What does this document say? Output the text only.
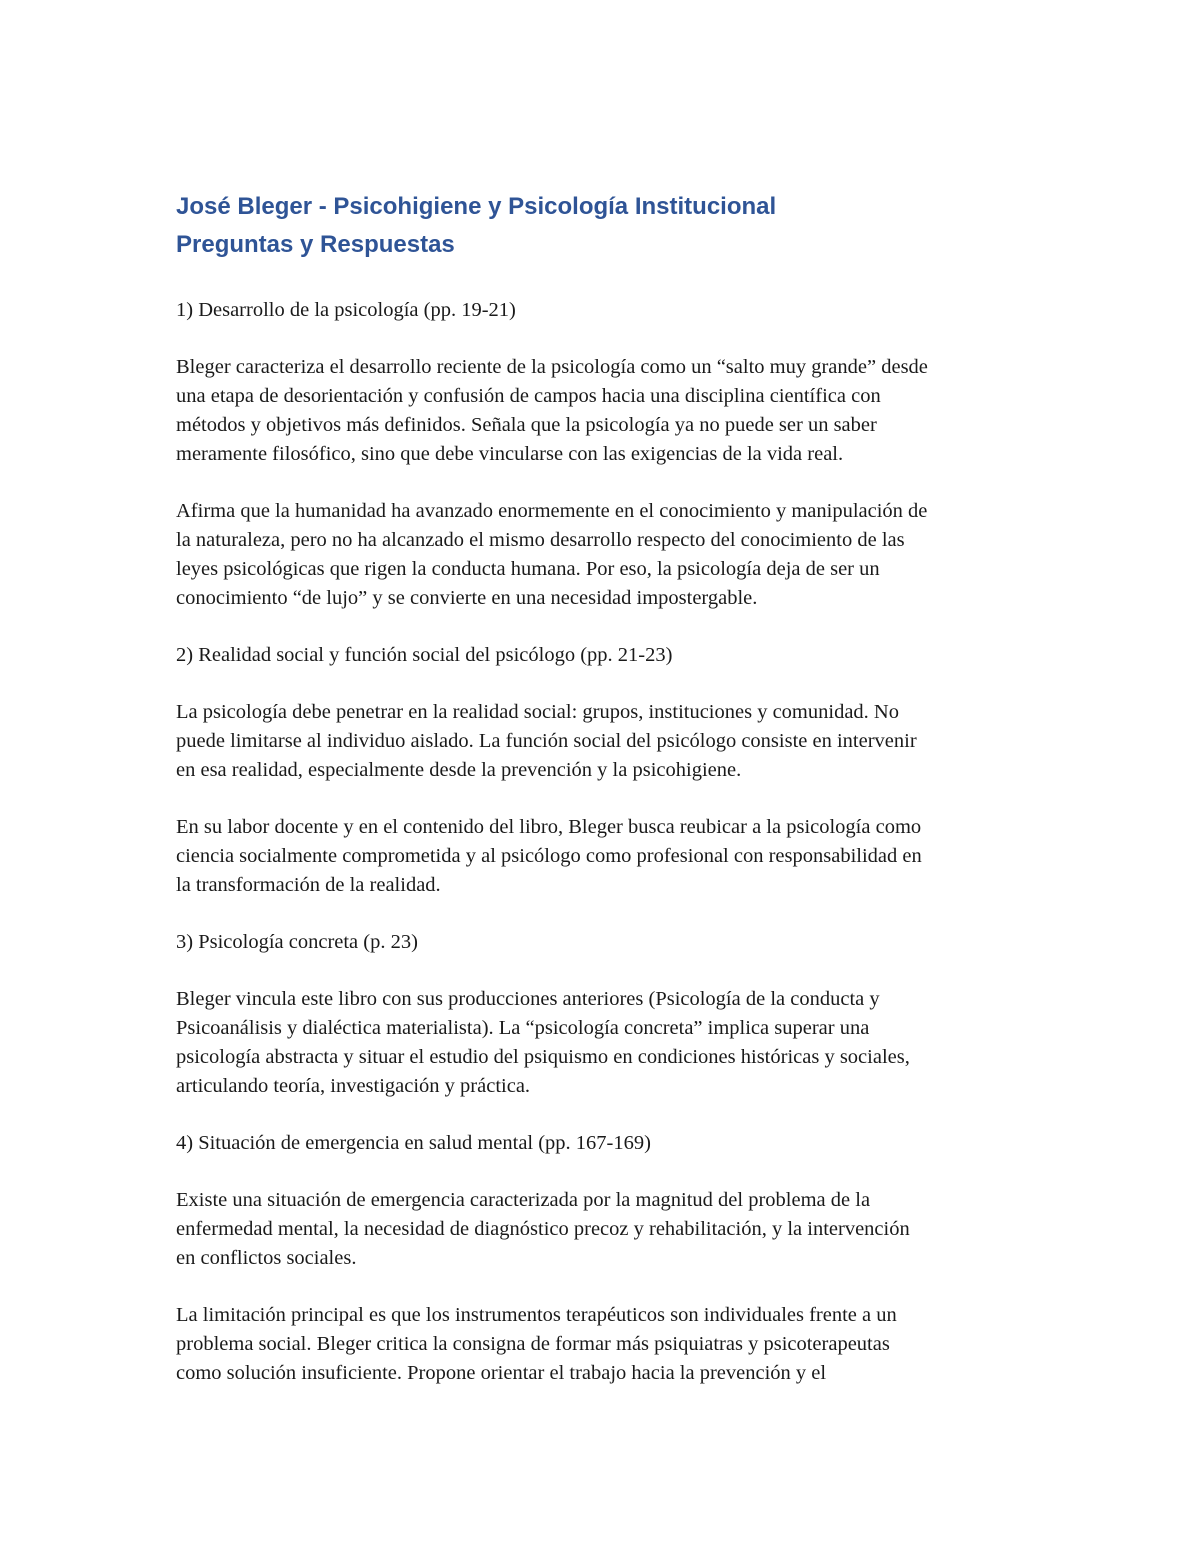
José Bleger - Psicohigiene y Psicología Institucional
Preguntas y Respuestas

1) Desarrollo de la psicología (pp. 19-21)

Bleger caracteriza el desarrollo reciente de la psicología como un “salto muy grande” desde
una etapa de desorientación y confusión de campos hacia una disciplina científica con
métodos y objetivos más definidos. Señala que la psicología ya no puede ser un saber
meramente filosófico, sino que debe vincularse con las exigencias de la vida real.

Afirma que la humanidad ha avanzado enormemente en el conocimiento y manipulación de
la naturaleza, pero no ha alcanzado el mismo desarrollo respecto del conocimiento de las
leyes psicológicas que rigen la conducta humana. Por eso, la psicología deja de ser un
conocimiento “de lujo” y se convierte en una necesidad impostergable.

2) Realidad social y función social del psicólogo (pp. 21-23)

La psicología debe penetrar en la realidad social: grupos, instituciones y comunidad. No
puede limitarse al individuo aislado. La función social del psicólogo consiste en intervenir
en esa realidad, especialmente desde la prevención y la psicohigiene.

En su labor docente y en el contenido del libro, Bleger busca reubicar a la psicología como
ciencia socialmente comprometida y al psicólogo como profesional con responsabilidad en
la transformación de la realidad.

3) Psicología concreta (p. 23)

Bleger vincula este libro con sus producciones anteriores (Psicología de la conducta y
Psicoanálisis y dialéctica materialista). La “psicología concreta” implica superar una
psicología abstracta y situar el estudio del psiquismo en condiciones históricas y sociales,
articulando teoría, investigación y práctica.

4) Situación de emergencia en salud mental (pp. 167-169)

Existe una situación de emergencia caracterizada por la magnitud del problema de la
enfermedad mental, la necesidad de diagnóstico precoz y rehabilitación, y la intervención
en conflictos sociales.

La limitación principal es que los instrumentos terapéuticos son individuales frente a un
problema social. Bleger critica la consigna de formar más psiquiatras y psicoterapeutas
como solución insuficiente. Propone orientar el trabajo hacia la prevención y el
